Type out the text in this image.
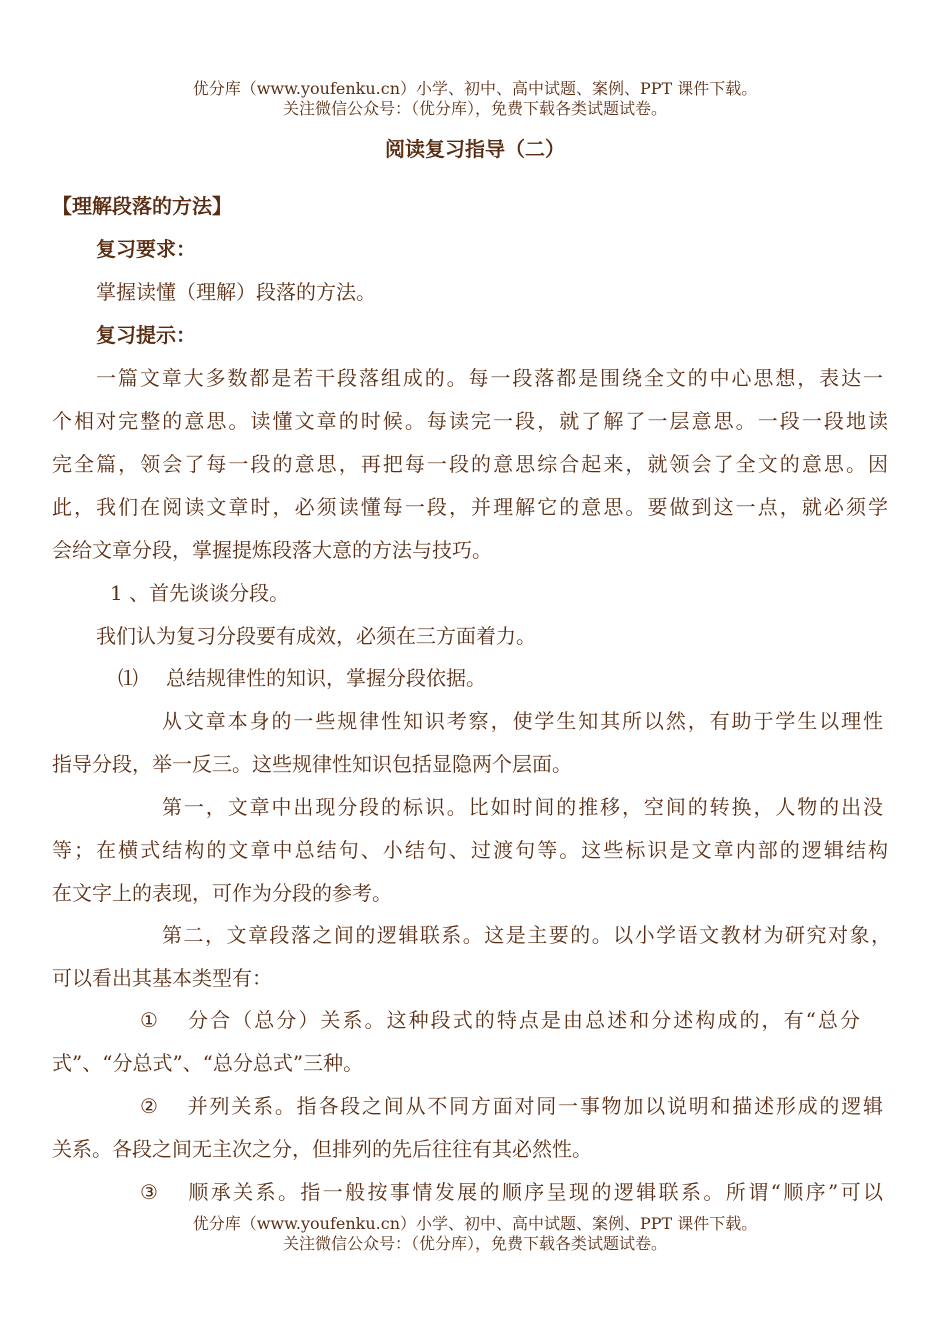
优分库（www.youfenku.cn）小学、初中、高中试题、案例、PPT 课件下载。
关注微信公众号：（优分库），免费下载各类试题试卷。
阅读复习指导（二）
【理解段落的方法】
复习要求：
掌握读懂（理解）段落的方法。
复习提示：
一篇文章大多数都是若干段落组成的。每一段落都是围绕全文的中心思想，表达一
个相对完整的意思。读懂文章的时候。每读完一段，就了解了一层意思。一段一段地读
完全篇，领会了每一段的意思，再把每一段的意思综合起来，就领会了全文的意思。因
此，我们在阅读文章时，必须读懂每一段，并理解它的意思。要做到这一点，就必须学
会给文章分段，掌握提炼段落大意的方法与技巧。
1 、首先谈谈分段。
我们认为复习分段要有成效，必须在三方面着力。
⑴ 总结规律性的知识，掌握分段依据。
从文章本身的一些规律性知识考察，使学生知其所以然，有助于学生以理性
指导分段，举一反三。这些规律性知识包括显隐两个层面。
第一，文章中出现分段的标识。比如时间的推移，空间的转换，人物的出没
等；在横式结构的文章中总结句、小结句、过渡句等。这些标识是文章内部的逻辑结构
在文字上的表现，可作为分段的参考。
第二，文章段落之间的逻辑联系。这是主要的。以小学语文教材为研究对象，
可以看出其基本类型有：
① 分合（总分）关系。这种段式的特点是由总述和分述构成的，有“总分
式”、“分总式”、“总分总式”三种。
② 并列关系。指各段之间从不同方面对同一事物加以说明和描述形成的逻辑
关系。各段之间无主次之分，但排列的先后往往有其必然性。
③ 顺承关系。指一般按事情发展的顺序呈现的逻辑联系。所谓“顺序”可以
优分库（www.youfenku.cn）小学、初中、高中试题、案例、PPT 课件下载。
关注微信公众号：（优分库），免费下载各类试题试卷。
